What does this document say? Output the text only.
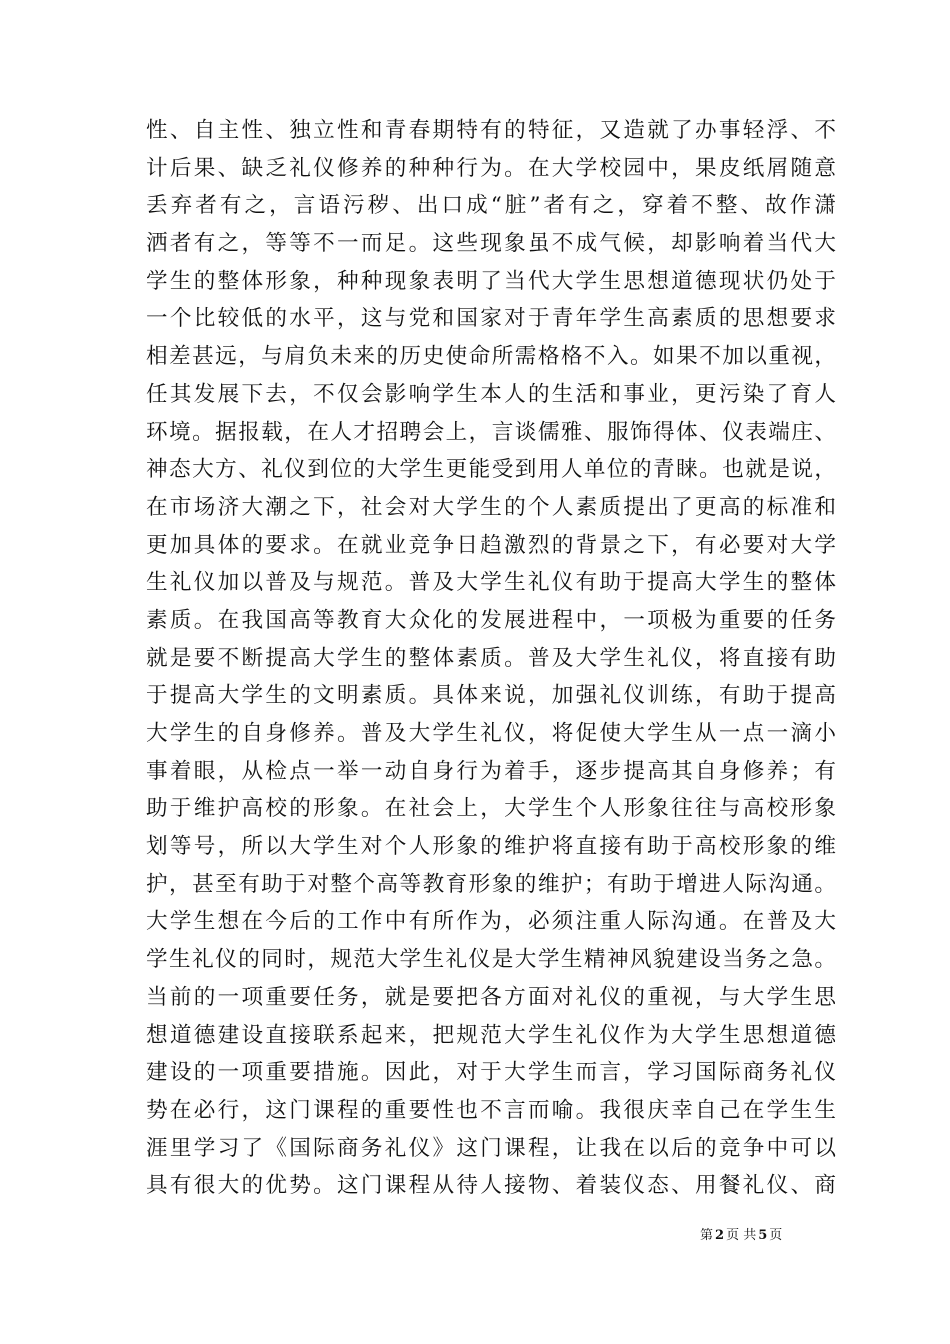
性、自主性、独立性和青春期特有的特征，又造就了办事轻浮、不
计后果、缺乏礼仪修养的种种行为。在大学校园中，果皮纸屑随意
丢弃者有之，言语污秽、出口成“脏”者有之，穿着不整、故作潇
洒者有之，等等不一而足。这些现象虽不成气候，却影响着当代大
学生的整体形象，种种现象表明了当代大学生思想道德现状仍处于
一个比较低的水平，这与党和国家对于青年学生高素质的思想要求
相差甚远，与肩负未来的历史使命所需格格不入。如果不加以重视，
任其发展下去，不仅会影响学生本人的生活和事业，更污染了育人
环境。据报载，在人才招聘会上，言谈儒雅、服饰得体、仪表端庄、
神态大方、礼仪到位的大学生更能受到用人单位的青睐。也就是说，
在市场济大潮之下，社会对大学生的个人素质提出了更高的标准和
更加具体的要求。在就业竞争日趋激烈的背景之下，有必要对大学
生礼仪加以普及与规范。普及大学生礼仪有助于提高大学生的整体
素质。在我国高等教育大众化的发展进程中，一项极为重要的任务
就是要不断提高大学生的整体素质。普及大学生礼仪，将直接有助
于提高大学生的文明素质。具体来说，加强礼仪训练，有助于提高
大学生的自身修养。普及大学生礼仪，将促使大学生从一点一滴小
事着眼，从检点一举一动自身行为着手，逐步提高其自身修养；有
助于维护高校的形象。在社会上，大学生个人形象往往与高校形象
划等号，所以大学生对个人形象的维护将直接有助于高校形象的维
护，甚至有助于对整个高等教育形象的维护；有助于增进人际沟通。
大学生想在今后的工作中有所作为，必须注重人际沟通。在普及大
学生礼仪的同时，规范大学生礼仪是大学生精神风貌建设当务之急。
当前的一项重要任务，就是要把各方面对礼仪的重视，与大学生思
想道德建设直接联系起来，把规范大学生礼仪作为大学生思想道德
建设的一项重要措施。因此，对于大学生而言，学习国际商务礼仪
势在必行，这门课程的重要性也不言而喻。我很庆幸自己在学生生
涯里学习了《国际商务礼仪》这门课程，让我在以后的竞争中可以
具有很大的优势。这门课程从待人接物、着装仪态、用餐礼仪、商
第 2 页 共 5 页
